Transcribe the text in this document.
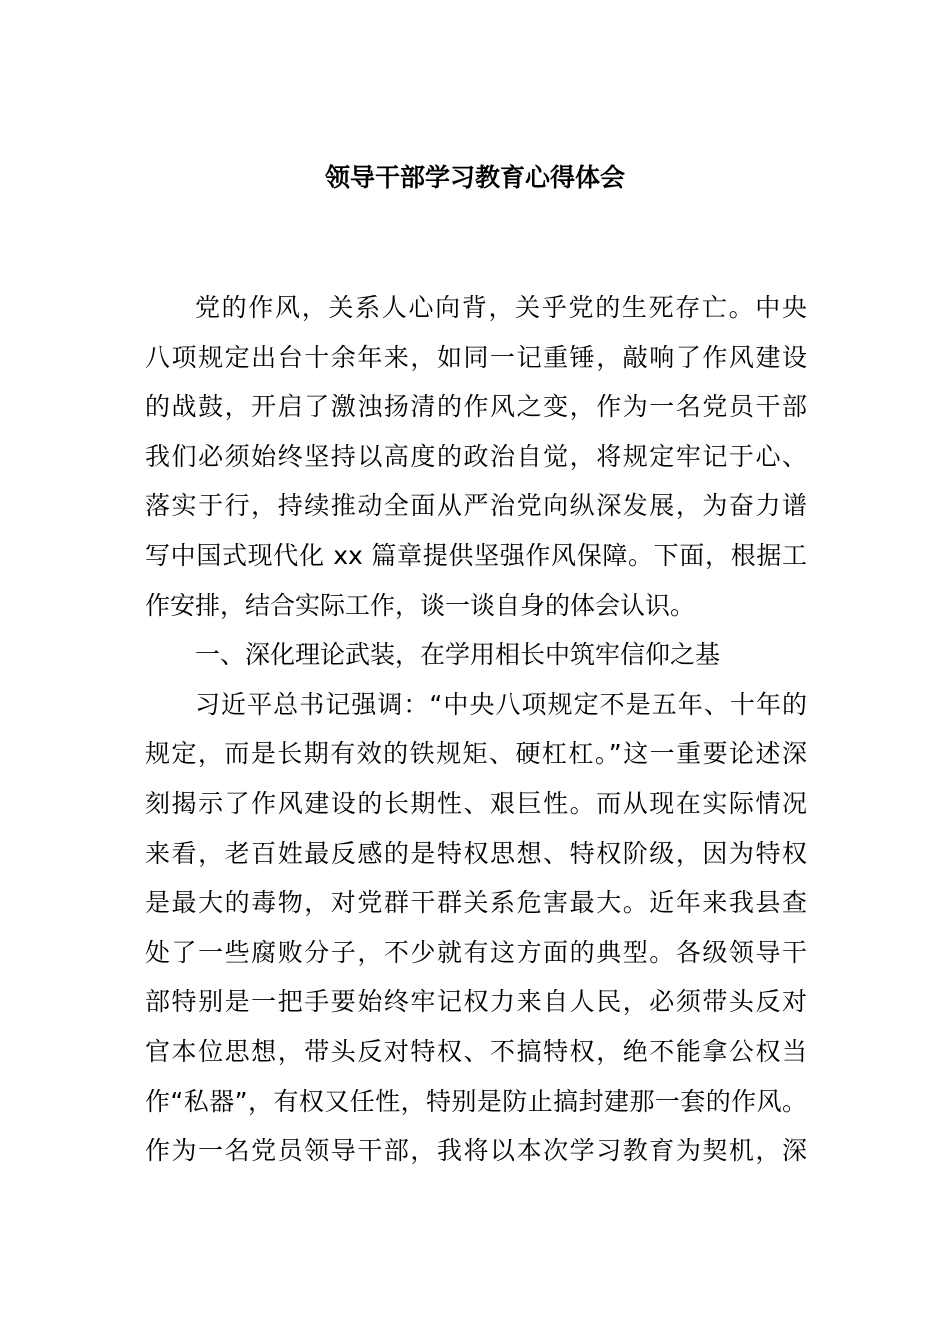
领导干部学习教育心得体会
党的作风，关系人心向背，关乎党的生死存亡。中央
八项规定出台十余年来，如同一记重锤，敲响了作风建设
的战鼓，开启了激浊扬清的作风之变，作为一名党员干部
我们必须始终坚持以高度的政治自觉，将规定牢记于心、
落实于行，持续推动全面从严治党向纵深发展，为奋力谱
写中国式现代化 xx 篇章提供坚强作风保障。下面，根据工
作安排，结合实际工作，谈一谈自身的体会认识。
一、深化理论武装，在学用相长中筑牢信仰之基
习近平总书记强调：“中央八项规定不是五年、十年的
规定，而是长期有效的铁规矩、硬杠杠。”这一重要论述深
刻揭示了作风建设的长期性、艰巨性。而从现在实际情况
来看，老百姓最反感的是特权思想、特权阶级，因为特权
是最大的毒物，对党群干群关系危害最大。近年来我县查
处了一些腐败分子，不少就有这方面的典型。各级领导干
部特别是一把手要始终牢记权力来自人民，必须带头反对
官本位思想，带头反对特权、不搞特权，绝不能拿公权当
作“私器”，有权又任性，特别是防止搞封建那一套的作风。
作为一名党员领导干部，我将以本次学习教育为契机，深
